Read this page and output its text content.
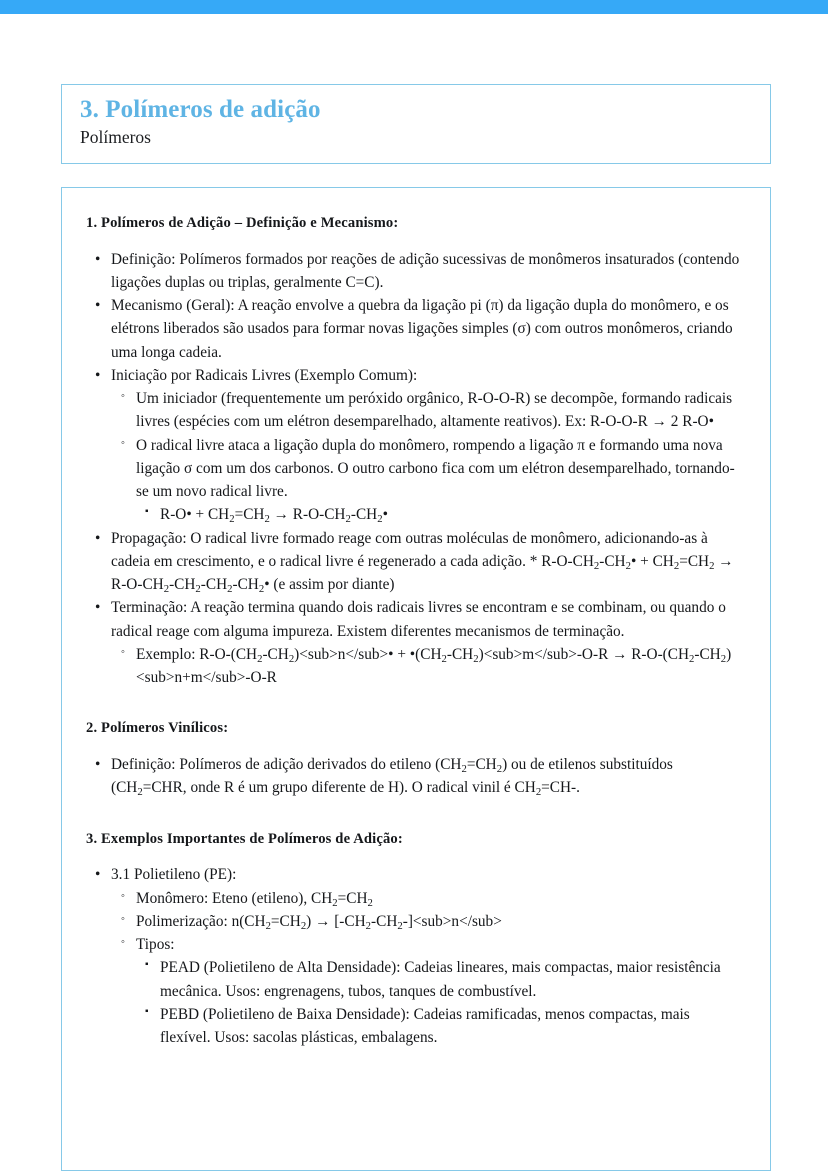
3. Polímeros de adição
Polímeros
1. Polímeros de Adição – Definição e Mecanismo:
•
Definição: Polímeros formados por reações de adição sucessivas de monômeros insaturados (contendo ligações duplas ou triplas, geralmente C=C).
•
Mecanismo (Geral): A reação envolve a quebra da ligação pi (π) da ligação dupla do monômero, e os elétrons liberados são usados para formar novas ligações simples (σ) com outros monômeros, criando uma longa cadeia.
•
Iniciação por Radicais Livres (Exemplo Comum):
◦
Um iniciador (frequentemente um peróxido orgânico, R-O-O-R) se decompõe, formando radicais livres (espécies com um elétron desemparelhado, altamente reativos). Ex: R-O-O-R → 2 R-O•
◦
O radical livre ataca a ligação dupla do monômero, rompendo a ligação π e formando uma nova ligação σ com um dos carbonos. O outro carbono fica com um elétron desemparelhado, tornando-se um novo radical livre.
▪
R-O• + $CH_2=CH_2$ → $R-O-CH_2-CH_2•$
•
Propagação: O radical livre formado reage com outras moléculas de monômero, adicionando-as à cadeia em crescimento, e o radical livre é regenerado a cada adição. * $R-O-CH_2-CH_2• + CH_2=CH_2$ → $R-O-CH_2-CH_2-CH_2-CH_2•$ (e assim por diante)
•
Terminação: A reação termina quando dois radicais livres se encontram e se combinam, ou quando o radical reage com alguma impureza. Existem diferentes mecanismos de terminação.
◦
Exemplo: $R-O-(CH_2-CH_2)<sub>n</sub>•$ + $•(CH_2-CH_2)<sub>m</sub>-O-R \to R-O-(CH_2-CH_2)<sub>n+m</sub>-O-R$
2. Polímeros Vinílicos:
•
Definição: Polímeros de adição derivados do etileno $(CH_2=CH_2)$ ou de etilenos substituídos ($CH_2=CHR$, onde R é um grupo diferente de H). O radical vinil é $CH_2=CH-$.
3. Exemplos Importantes de Polímeros de Adição:
•
3.1 Polietileno (PE):
◦
Monômero: Eteno (etileno), $CH_2=CH_2$
◦
Polimerização: $n(CH_2=CH_2) \to [-CH_2-CH_2-]<sub>n</sub>$
◦
Tipos:
▪
PEAD (Polietileno de Alta Densidade): Cadeias lineares, mais compactas, maior resistência mecânica. Usos: engrenagens, tubos, tanques de combustível.
▪
PEBD (Polietileno de Baixa Densidade): Cadeias ramificadas, menos compactas, mais flexível. Usos: sacolas plásticas, embalagens.
